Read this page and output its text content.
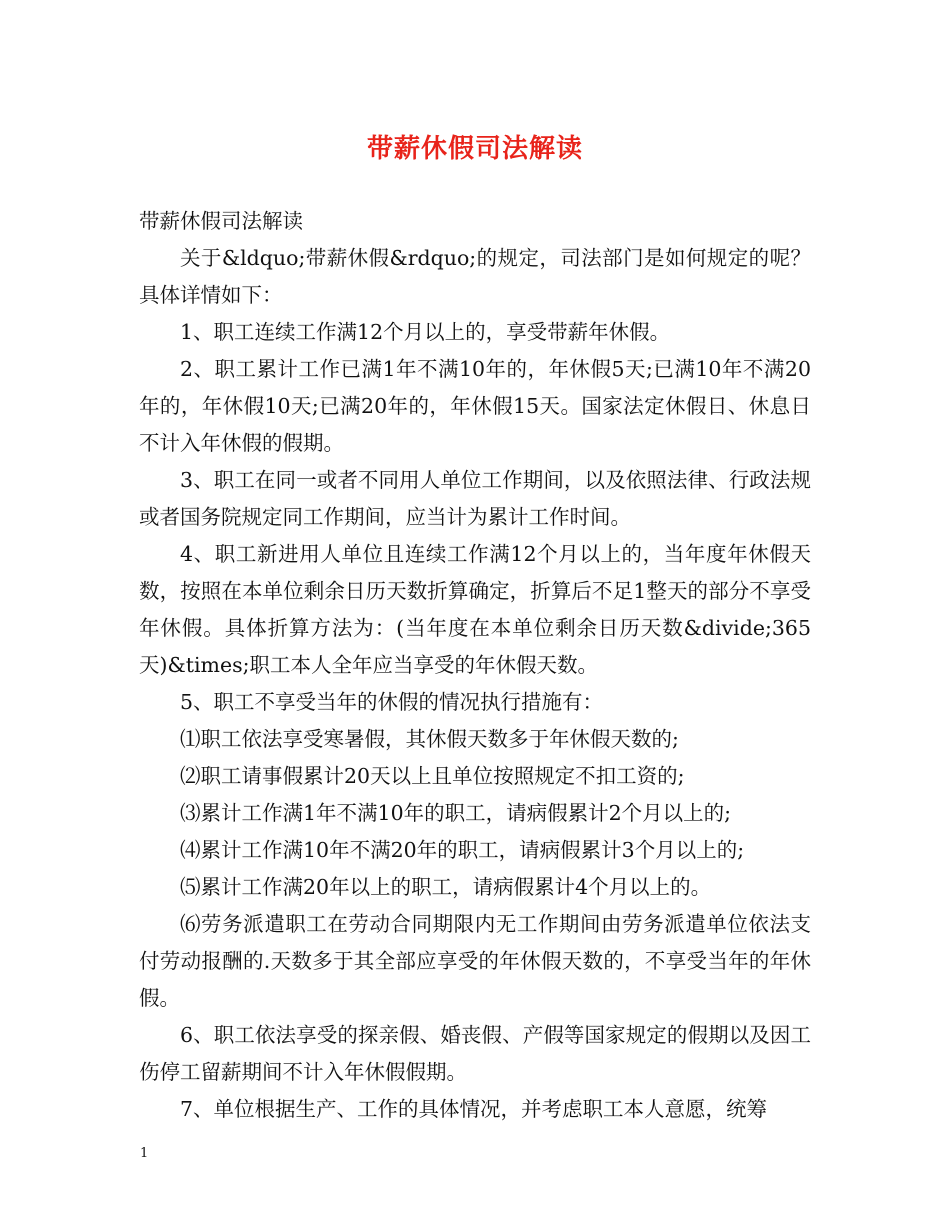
带薪休假司法解读

带薪休假司法解读

关于&ldquo;带薪休假&rdquo;的规定，司法部门是如何规定的呢？具体详情如下：

1、职工连续工作满12个月以上的，享受带薪年休假。

2、职工累计工作已满1年不满10年的，年休假5天;已满10年不满20年的，年休假10天;已满20年的，年休假15天。国家法定休假日、休息日不计入年休假的假期。

3、职工在同一或者不同用人单位工作期间，以及依照法律、行政法规或者国务院规定同工作期间，应当计为累计工作时间。

4、职工新进用人单位且连续工作满12个月以上的，当年度年休假天数，按照在本单位剩余日历天数折算确定，折算后不足1整天的部分不享受年休假。具体折算方法为：(当年度在本单位剩余日历天数&divide;365天)&times;职工本人全年应当享受的年休假天数。

5、职工不享受当年的休假的情况执行措施有：

⑴职工依法享受寒暑假，其休假天数多于年休假天数的;

⑵职工请事假累计20天以上且单位按照规定不扣工资的;

⑶累计工作满1年不满10年的职工，请病假累计2个月以上的;

⑷累计工作满10年不满20年的职工，请病假累计3个月以上的;

⑸累计工作满20年以上的职工，请病假累计4个月以上的。

⑹劳务派遣职工在劳动合同期限内无工作期间由劳务派遣单位依法支付劳动报酬的.天数多于其全部应享受的年休假天数的，不享受当年的年休假。

6、职工依法享受的探亲假、婚丧假、产假等国家规定的假期以及因工伤停工留薪期间不计入年休假假期。

7、单位根据生产、工作的具体情况，并考虑职工本人意愿，统筹

1
